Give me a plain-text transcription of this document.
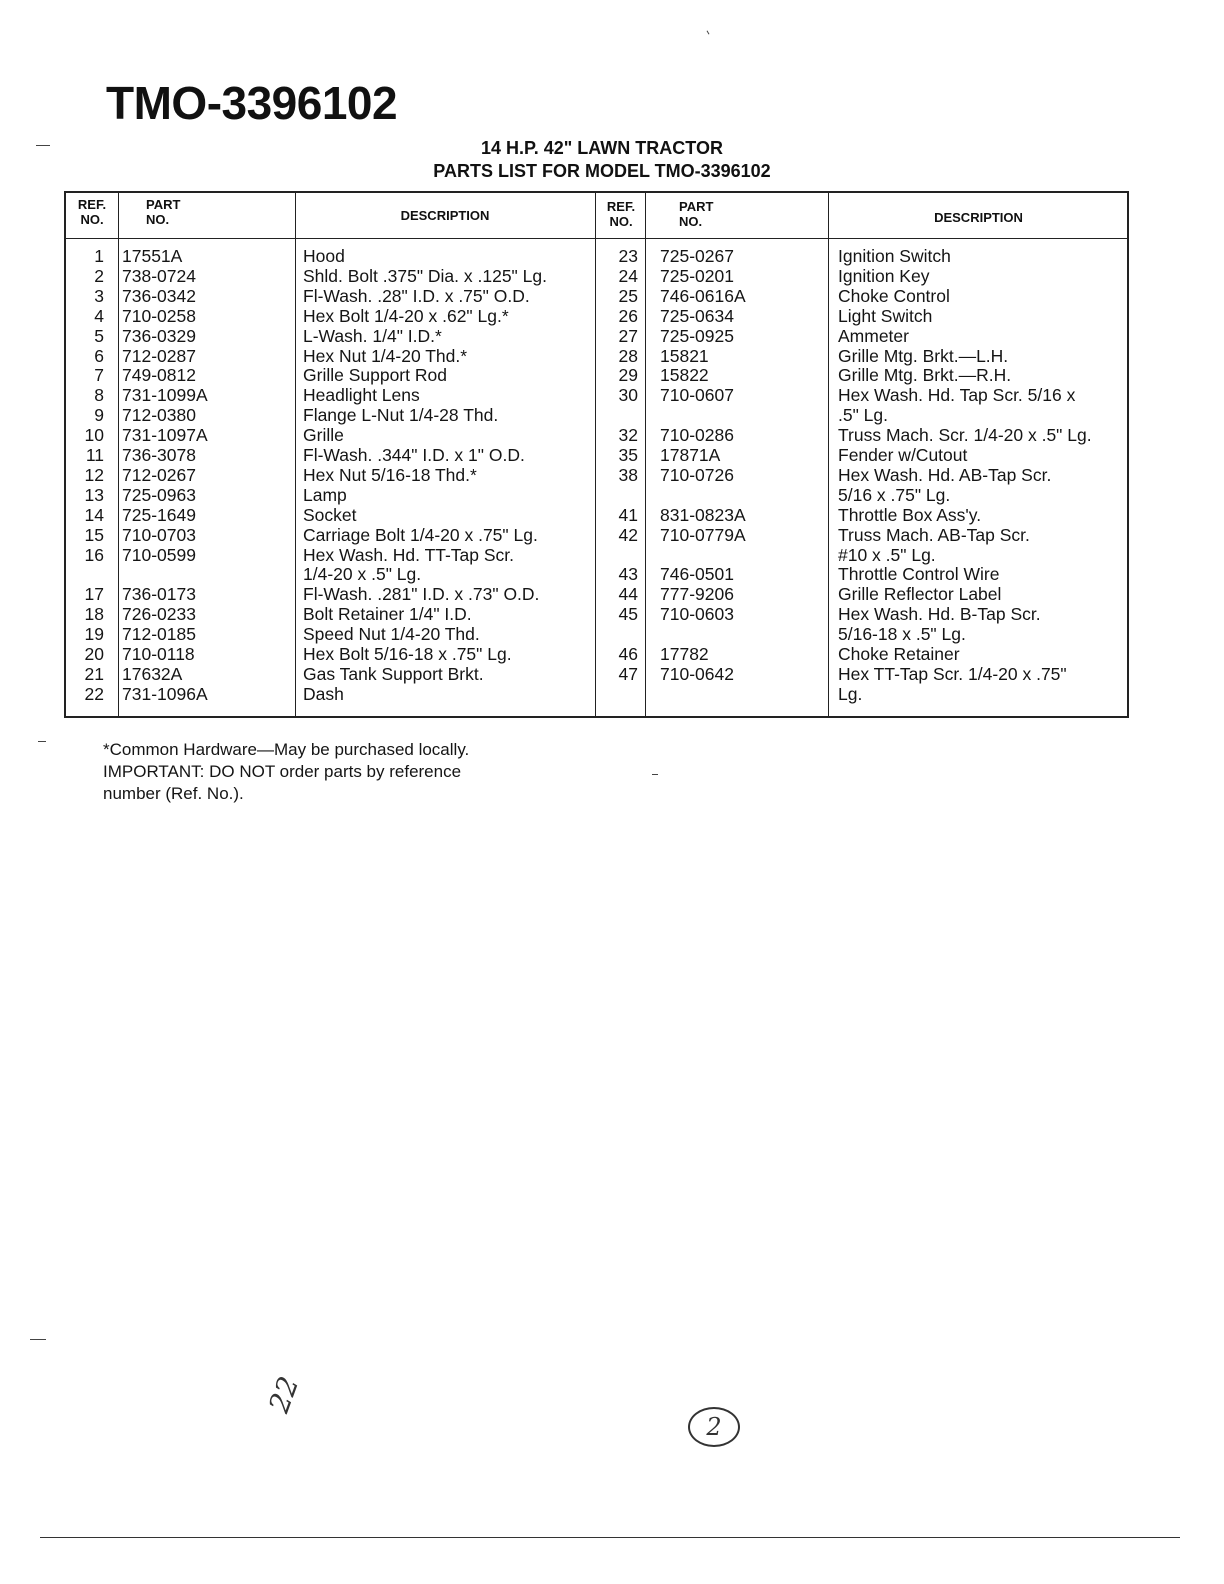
TMO-3396102
14 H.P. 42" LAWN TRACTOR
PARTS LIST FOR MODEL TMO-3396102
REF.
NO.
PART
NO.	DESCRIPTION
REF.
NO.
PART
NO.	DESCRIPTION
1 17551A	Hood
2 738-0724	Shld. Bolt .375" Dia. x .125" Lg.
3 736-0342	Fl-Wash. .28" I.D. x .75" O.D.
4 710-0258	Hex Bolt 1/4-20 x .62" Lg.*
5 736-0329	L-Wash. 1/4" I.D.*
6 712-0287	Hex Nut 1/4-20 Thd.*
7 749-0812	Grille Support Rod
8 731-1099A	Headlight Lens
9 712-0380	Flange L-Nut 1/4-28 Thd.
10 731-1097A	Grille
11 736-3078	Fl-Wash. .344" I.D. x 1" O.D.
12 712-0267	Hex Nut 5/16-18 Thd.*
13 725-0963	Lamp
14 725-1649	Socket
15 710-0703	Carriage Bolt 1/4-20 x .75" Lg.
16 710-0599	Hex Wash. Hd. TT-Tap Scr.
1/4-20 x .5" Lg.
17 736-0173	Fl-Wash. .281" I.D. x .73" O.D.
18 726-0233	Bolt Retainer 1/4" I.D.
19 712-0185	Speed Nut 1/4-20 Thd.
20 710-0118	Hex Bolt 5/16-18 x .75" Lg.
21 17632A	Gas Tank Support Brkt.
22 731-1096A	Dash
23 725-0267	Ignition Switch
24 725-0201	Ignition Key
25 746-0616A	Choke Control
26 725-0634	Light Switch
27 725-0925	Ammeter
28 15821	Grille Mtg. Brkt.—L.H.
29 15822	Grille Mtg. Brkt.—R.H.
30 710-0607	Hex Wash. Hd. Tap Scr. 5/16 x
.5" Lg.
32 710-0286	Truss Mach. Scr. 1/4-20 x .5" Lg.
35 17871A	Fender w/Cutout
38 710-0726	Hex Wash. Hd. AB-Tap Scr.
5/16 x .75" Lg.
41 831-0823A	Throttle Box Ass'y.
42 710-0779A	Truss Mach. AB-Tap Scr.
#10 x .5" Lg.
43 746-0501	Throttle Control Wire
44 777-9206	Grille Reflector Label
45 710-0603	Hex Wash. Hd. B-Tap Scr.
5/16-18 x .5" Lg.
46 17782	Choke Retainer
47 710-0642	Hex TT-Tap Scr. 1/4-20 x .75"
Lg.
*Common Hardware—May be purchased locally.
IMPORTANT: DO NOT order parts by reference
number (Ref. No.).
22
2
